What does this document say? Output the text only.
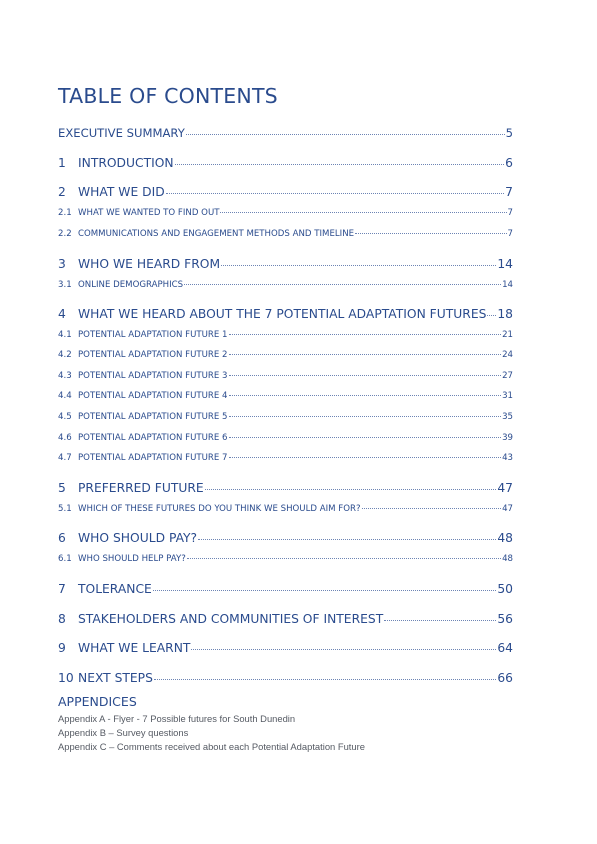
TABLE OF CONTENTS
EXECUTIVE SUMMARY	5
1 INTRODUCTION	6
2 WHAT WE DID	7
2.1 WHAT WE WANTED TO FIND OUT	7
2.2 COMMUNICATIONS AND ENGAGEMENT METHODS AND TIMELINE	7
3 WHO WE HEARD FROM	14
3.1 ONLINE DEMOGRAPHICS	14
4 WHAT WE HEARD ABOUT THE 7 POTENTIAL ADAPTATION FUTURES 18
4.1 POTENTIAL ADAPTATION FUTURE 1	21
4.2 POTENTIAL ADAPTATION FUTURE 2	24
4.3 POTENTIAL ADAPTATION FUTURE 3	27
4.4 POTENTIAL ADAPTATION FUTURE 4	31
4.5 POTENTIAL ADAPTATION FUTURE 5	35
4.6 POTENTIAL ADAPTATION FUTURE 6	39
4.7 POTENTIAL ADAPTATION FUTURE 7	43
5 PREFERRED FUTURE	47
5.1 WHICH OF THESE FUTURES DO YOU THINK WE SHOULD AIM FOR?	47
6 WHO SHOULD PAY?	48
6.1 WHO SHOULD HELP PAY?	48
7 TOLERANCE	50
8 STAKEHOLDERS AND COMMUNITIES OF INTEREST	56
9 WHAT WE LEARNT	64
10 NEXT STEPS	66
APPENDICES
Appendix A - Flyer - 7 Possible futures for South Dunedin
Appendix B – Survey questions
Appendix C – Comments received about each Potential Adaptation Future
